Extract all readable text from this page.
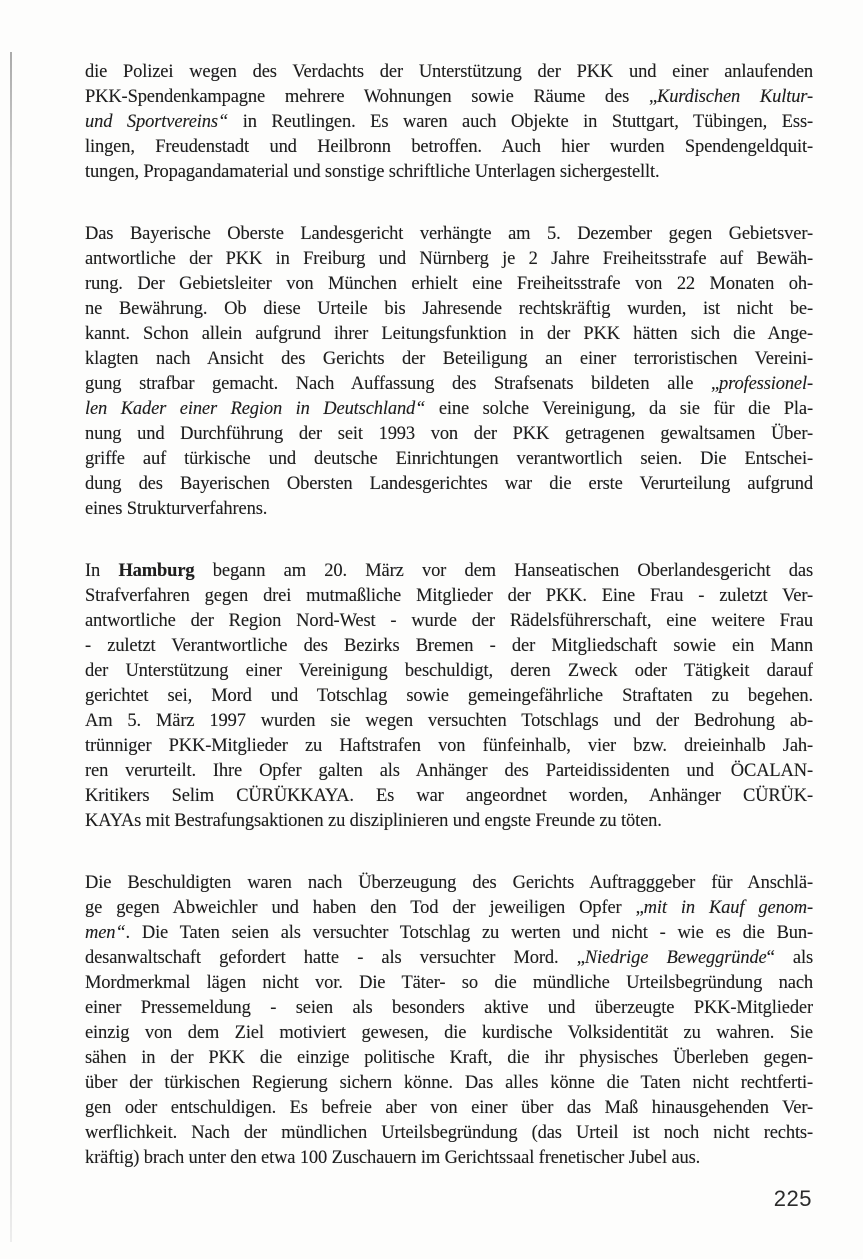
die Polizei wegen des Verdachts der Unterstützung der PKK und einer anlaufenden
PKK-Spendenkampagne mehrere Wohnungen sowie Räume des „Kurdischen Kultur-
und Sportvereins“ in Reutlingen. Es waren auch Objekte in Stuttgart, Tübingen, Ess-
lingen, Freudenstadt und Heilbronn betroffen. Auch hier wurden Spendengeldquit-
tungen, Propagandamaterial und sonstige schriftliche Unterlagen sichergestellt.
Das Bayerische Oberste Landesgericht verhängte am 5. Dezember gegen Gebietsver-
antwortliche der PKK in Freiburg und Nürnberg je 2 Jahre Freiheitsstrafe auf Bewäh-
rung. Der Gebietsleiter von München erhielt eine Freiheitsstrafe von 22 Monaten oh-
ne Bewährung. Ob diese Urteile bis Jahresende rechtskräftig wurden, ist nicht be-
kannt. Schon allein aufgrund ihrer Leitungsfunktion in der PKK hätten sich die Ange-
klagten nach Ansicht des Gerichts der Beteiligung an einer terroristischen Vereini-
gung strafbar gemacht. Nach Auffassung des Strafsenats bildeten alle „professionel-
len Kader einer Region in Deutschland“ eine solche Vereinigung, da sie für die Pla-
nung und Durchführung der seit 1993 von der PKK getragenen gewaltsamen Über-
griffe auf türkische und deutsche Einrichtungen verantwortlich seien. Die Entschei-
dung des Bayerischen Obersten Landesgerichtes war die erste Verurteilung aufgrund
eines Strukturverfahrens.
In Hamburg begann am 20. März vor dem Hanseatischen Oberlandesgericht das
Strafverfahren gegen drei mutmaßliche Mitglieder der PKK. Eine Frau - zuletzt Ver-
antwortliche der Region Nord-West - wurde der Rädelsführerschaft, eine weitere Frau
- zuletzt Verantwortliche des Bezirks Bremen - der Mitgliedschaft sowie ein Mann
der Unterstützung einer Vereinigung beschuldigt, deren Zweck oder Tätigkeit darauf
gerichtet sei, Mord und Totschlag sowie gemeingefährliche Straftaten zu begehen.
Am 5. März 1997 wurden sie wegen versuchten Totschlags und der Bedrohung ab-
trünniger PKK-Mitglieder zu Haftstrafen von fünfeinhalb, vier bzw. dreieinhalb Jah-
ren verurteilt. Ihre Opfer galten als Anhänger des Parteidissidenten und ÖCALAN-
Kritikers Selim CÜRÜKKAYA. Es war angeordnet worden, Anhänger CÜRÜK-
KAYAs mit Bestrafungsaktionen zu disziplinieren und engste Freunde zu töten.
Die Beschuldigten waren nach Überzeugung des Gerichts Auftragggeber für Anschlä-
ge gegen Abweichler und haben den Tod der jeweiligen Opfer „mit in Kauf genom-
men“. Die Taten seien als versuchter Totschlag zu werten und nicht - wie es die Bun-
desanwaltschaft gefordert hatte - als versuchter Mord. „Niedrige Beweggründe“ als
Mordmerkmal lägen nicht vor. Die Täter- so die mündliche Urteilsbegründung nach
einer Pressemeldung - seien als besonders aktive und überzeugte PKK-Mitglieder
einzig von dem Ziel motiviert gewesen, die kurdische Volksidentität zu wahren. Sie
sähen in der PKK die einzige politische Kraft, die ihr physisches Überleben gegen-
über der türkischen Regierung sichern könne. Das alles könne die Taten nicht rechtferti-
gen oder entschuldigen. Es befreie aber von einer über das Maß hinausgehenden Ver-
werflichkeit. Nach der mündlichen Urteilsbegründung (das Urteil ist noch nicht rechts-
kräftig) brach unter den etwa 100 Zuschauern im Gerichtssaal frenetischer Jubel aus.
225
